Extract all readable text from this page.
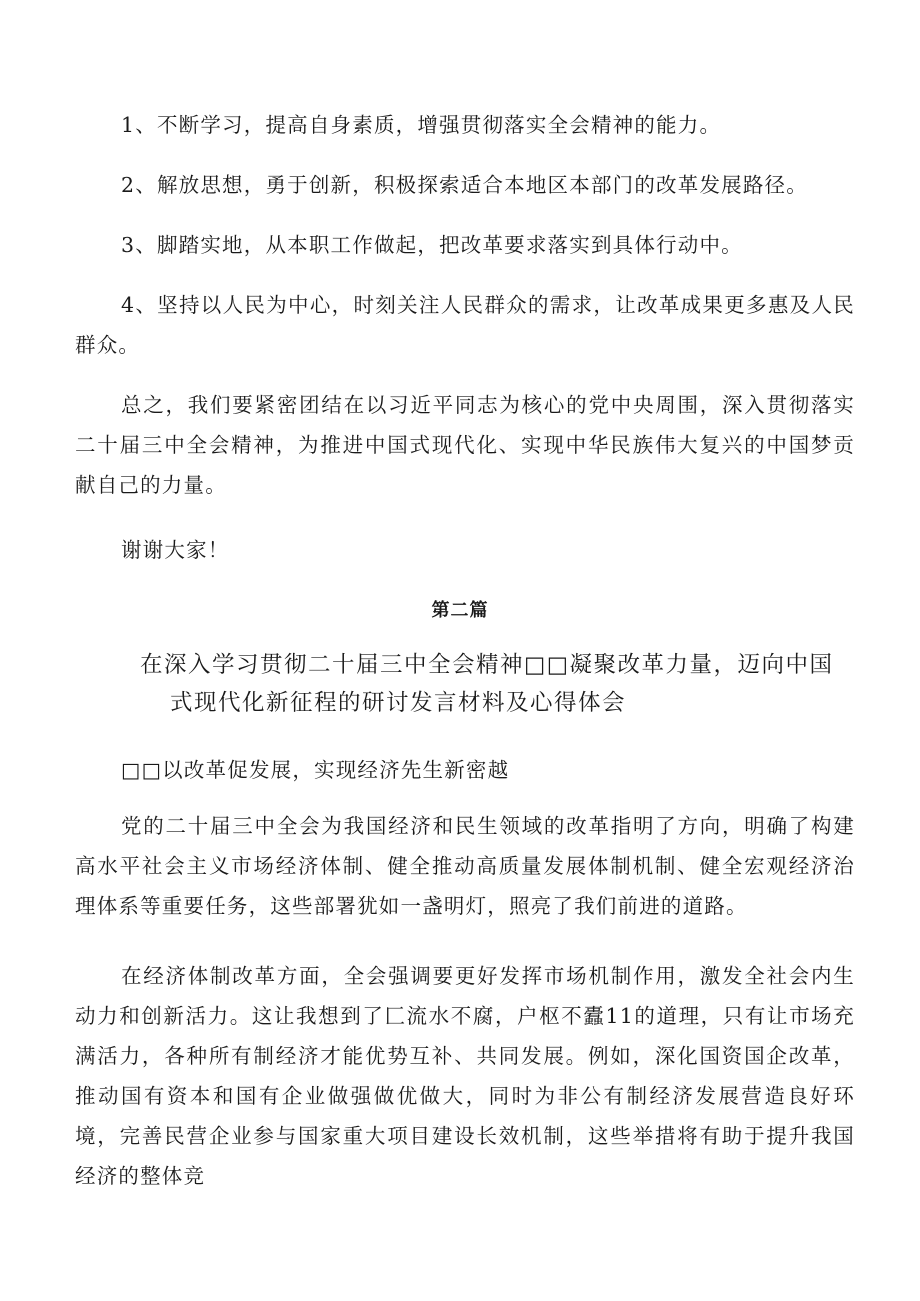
1、不断学习，提高自身素质，增强贯彻落实全会精神的能力。
2、解放思想，勇于创新，积极探索适合本地区本部门的改革发展路径。
3、脚踏实地，从本职工作做起，把改革要求落实到具体行动中。
4、坚持以人民为中心，时刻关注人民群众的需求，让改革成果更多惠及人民群众。
总之，我们要紧密团结在以习近平同志为核心的党中央周围，深入贯彻落实二十届三中全会精神，为推进中国式现代化、实现中华民族伟大复兴的中国梦贡献自己的力量。
谢谢大家！
第二篇
在深入学习贯彻二十届三中全会精神□□凝聚改革力量，迈向中国
式现代化新征程的研讨发言材料及心得体会
□□以改革促发展，实现经济先生新密越
党的二十届三中全会为我国经济和民生领域的改革指明了方向，明确了构建高水平社会主义市场经济体制、健全推动高质量发展体制机制、健全宏观经济治理体系等重要任务，这些部署犹如一盏明灯，照亮了我们前进的道路。
在经济体制改革方面，全会强调要更好发挥市场机制作用，激发全社会内生动力和创新活力。这让我想到了匚流水不腐，户枢不蠹11的道理，只有让市场充满活力，各种所有制经济才能优势互补、共同发展。例如，深化国资国企改革，推动国有资本和国有企业做强做优做大，同时为非公有制经济发展营造良好环境，完善民营企业参与国家重大项目建设长效机制，这些举措将有助于提升我国经济的整体竞
